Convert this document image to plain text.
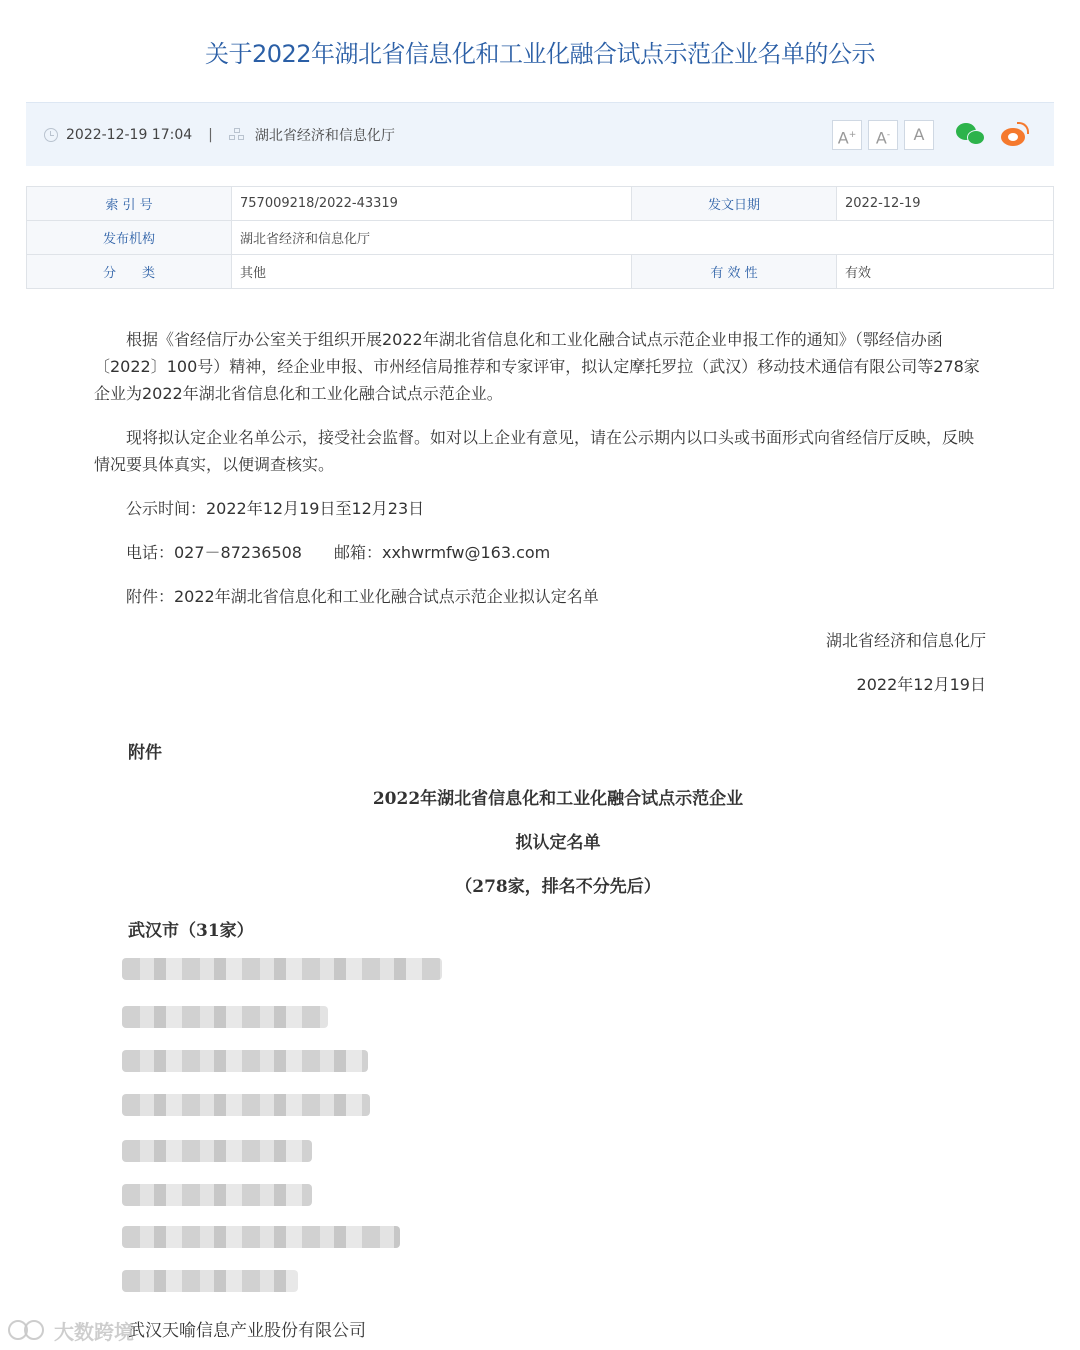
关于2022年湖北省信息化和工业化融合试点示范企业名单的公示
2022-12-19 17:04 |	湖北省经济和信息化厅	A+	A-	A
索 引 号	757009218/2022-43319	发文日期	2022-12-19
发布机构	湖北省经济和信息化厅		
分　　类	其他	有 效 性	有效

根据《省经信厅办公室关于组织开展2022年湖北省信息化和工业化融合试点示范企业申报工作的通知》（鄂经信办函〔2022〕100号）精神，经企业申报、市州经信局推荐和专家评审，拟认定摩托罗拉（武汉）移动技术通信有限公司等278家企业为2022年湖北省信息化和工业化融合试点示范企业。

现将拟认定企业名单公示，接受社会监督。如对以上企业有意见，请在公示期内以口头或书面形式向省经信厅反映，反映情况要具体真实，以便调查核实。

公示时间：2022年12月19日至12月23日

电话：027－87236508　　邮箱：xxhwrmfw@163.com

附件：2022年湖北省信息化和工业化融合试点示范企业拟认定名单

湖北省经济和信息化厅

2022年12月19日

附件
2022年湖北省信息化和工业化融合试点示范企业
拟认定名单
（278家，排名不分先后）
武汉市（31家）
武汉天喻信息产业股份有限公司
大数跨境
